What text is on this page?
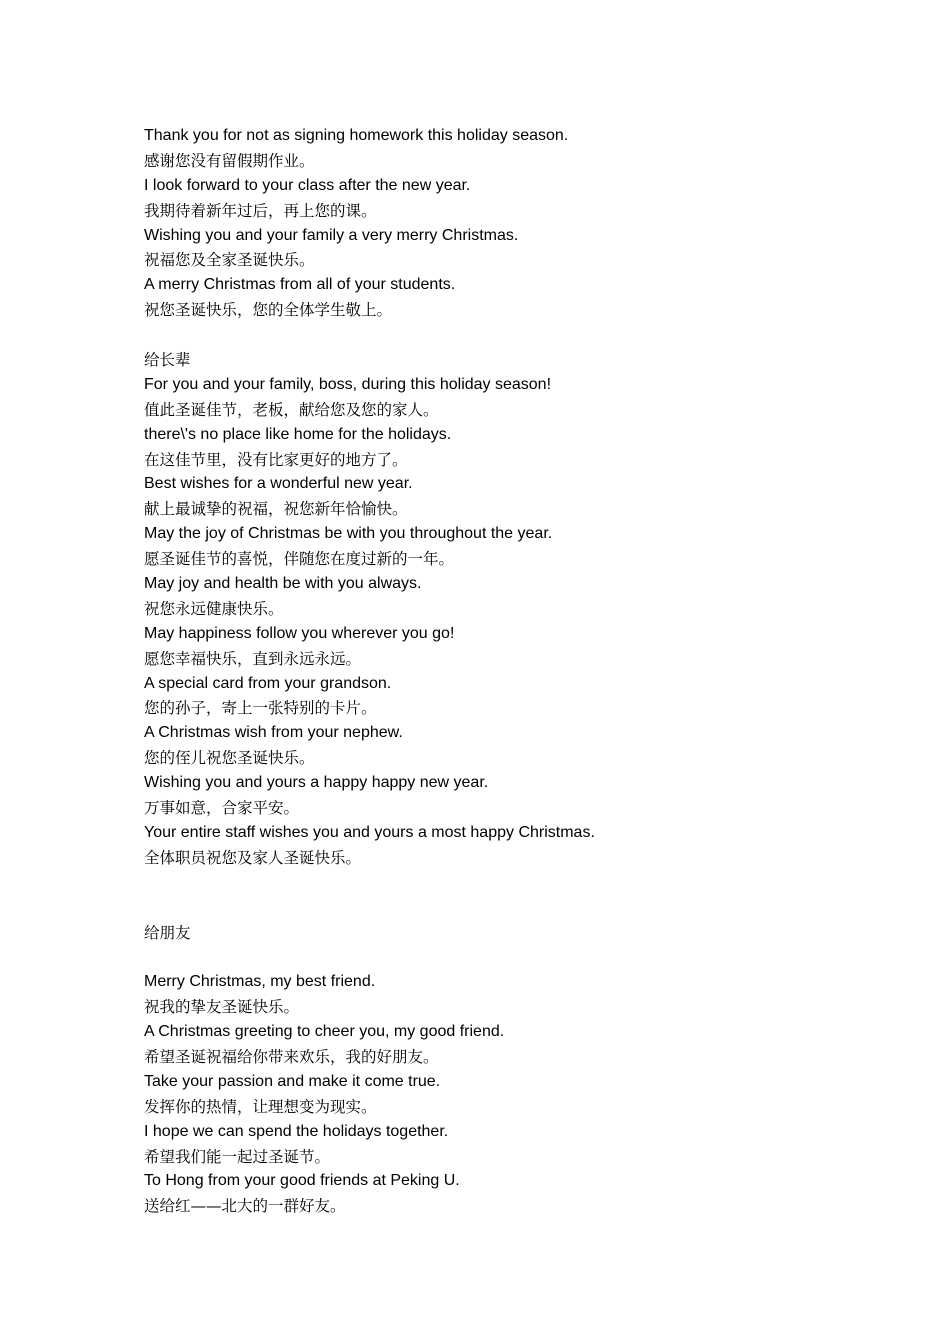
Thank you for not as signing homework this holiday season.
感谢您没有留假期作业。
I look forward to your class after the new year.
我期待着新年过后，再上您的课。
Wishing you and your family a very merry Christmas.
祝福您及全家圣诞快乐。
A merry Christmas from all of your students.
祝您圣诞快乐，您的全体学生敬上。
给长辈
For you and your family, boss, during this holiday season!
值此圣诞佳节，老板，献给您及您的家人。
there\'s no place like home for the holidays.
在这佳节里，没有比家更好的地方了。
Best wishes for a wonderful new year.
献上最诚挚的祝福，祝您新年恰愉快。
May the joy of Christmas be with you throughout the year.
愿圣诞佳节的喜悦，伴随您在度过新的一年。
May joy and health be with you always.
祝您永远健康快乐。
May happiness follow you wherever you go!
愿您幸福快乐，直到永远永远。
A special card from your grandson.
您的孙子，寄上一张特别的卡片。
A Christmas wish from your nephew.
您的侄儿祝您圣诞快乐。
Wishing you and yours a happy happy new year.
万事如意，合家平安。
Your entire staff wishes you and yours a most happy Christmas.
全体职员祝您及家人圣诞快乐。
给朋友
Merry Christmas, my best friend.
祝我的挚友圣诞快乐。
A Christmas greeting to cheer you, my good friend.
希望圣诞祝福给你带来欢乐，我的好朋友。
Take your passion and make it come true.
发挥你的热情，让理想变为现实。
I hope we can spend the holidays together.
希望我们能一起过圣诞节。
To Hong from your good friends at Peking U.
送给红——北大的一群好友。
